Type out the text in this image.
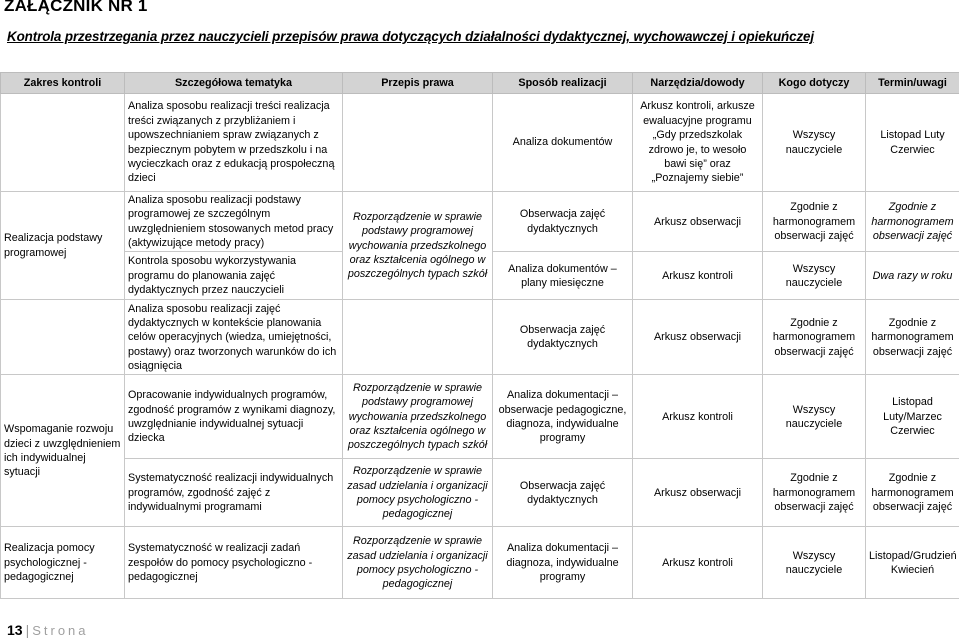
ZAŁĄCZNIK NR 1
Kontrola przestrzegania przez nauczycieli przepisów prawa dotyczących działalności dydaktycznej, wychowawczej i opiekuńczej
Zakres kontroli	Szczegółowa tematyka	Przepis prawa	Sposób realizacji	Narzędzia/dowody	Kogo dotyczy	Termin/uwagi
	Analiza sposobu realizacji treści realizacja treści związanych z przybliżaniem i upowszechnianiem spraw związanych z bezpiecznym pobytem w przedszkolu i na wycieczkach oraz z edukacją prospołeczną dzieci		Analiza dokumentów	Arkusz kontroli, arkusze ewaluacyjne programu „Gdy przedszkolak zdrowo je, to wesoło bawi się” oraz „Poznajemy siebie”	Wszyscy nauczyciele	Listopad Luty Czerwiec
Realizacja podstawy programowej	Analiza sposobu realizacji podstawy programowej ze szczególnym uwzględnieniem stosowanych metod pracy (aktywizujące metody pracy)	Rozporządzenie w sprawie podstawy programowej wychowania przedszkolnego oraz kształcenia ogólnego w poszczególnych typach szkół	Obserwacja zajęć dydaktycznych	Arkusz obserwacji	Zgodnie z harmonogramem obserwacji zajęć	Zgodnie z harmonogramem obserwacji zajęć
	Kontrola sposobu wykorzystywania programu do planowania zajęć dydaktycznych przez nauczycieli		Analiza dokumentów – plany miesięczne	Arkusz kontroli	Wszyscy nauczyciele	Dwa razy w roku
	Analiza sposobu realizacji zajęć dydaktycznych w kontekście planowania celów operacyjnych (wiedza, umiejętności, postawy) oraz tworzonych warunków do ich osiągnięcia		Obserwacja zajęć dydaktycznych	Arkusz obserwacji	Zgodnie z harmonogramem obserwacji zajęć	Zgodnie z harmonogramem obserwacji zajęć
Wspomaganie rozwoju dzieci z uwzględnieniem ich indywidualnej sytuacji	Opracowanie indywidualnych programów, zgodność programów z wynikami diagnozy, uwzględnianie indywidualnej sytuacji dziecka	Rozporządzenie w sprawie podstawy programowej wychowania przedszkolnego oraz kształcenia ogólnego w poszczególnych typach szkół	Analiza dokumentacji – obserwacje pedagogiczne, diagnoza, indywidualne programy	Arkusz kontroli	Wszyscy nauczyciele	Listopad Luty/Marzec Czerwiec
	Systematyczność realizacji indywidualnych programów, zgodność zajęć z indywidualnymi programami	Rozporządzenie w sprawie zasad udzielania i organizacji pomocy psychologiczno - pedagogicznej	Obserwacja zajęć dydaktycznych	Arkusz obserwacji	Zgodnie z harmonogramem obserwacji zajęć	Zgodnie z harmonogramem obserwacji zajęć
Realizacja pomocy psychologicznej - pedagogicznej	Systematyczność w realizacji zadań zespołów do pomocy psychologiczno - pedagogicznej	Rozporządzenie w sprawie zasad udzielania i organizacji pomocy psychologiczno - pedagogicznej	Analiza dokumentacji – diagnoza, indywidualne programy	Arkusz kontroli	Wszyscy nauczyciele	Listopad/Grudzień Kwiecień
13 | Strona
